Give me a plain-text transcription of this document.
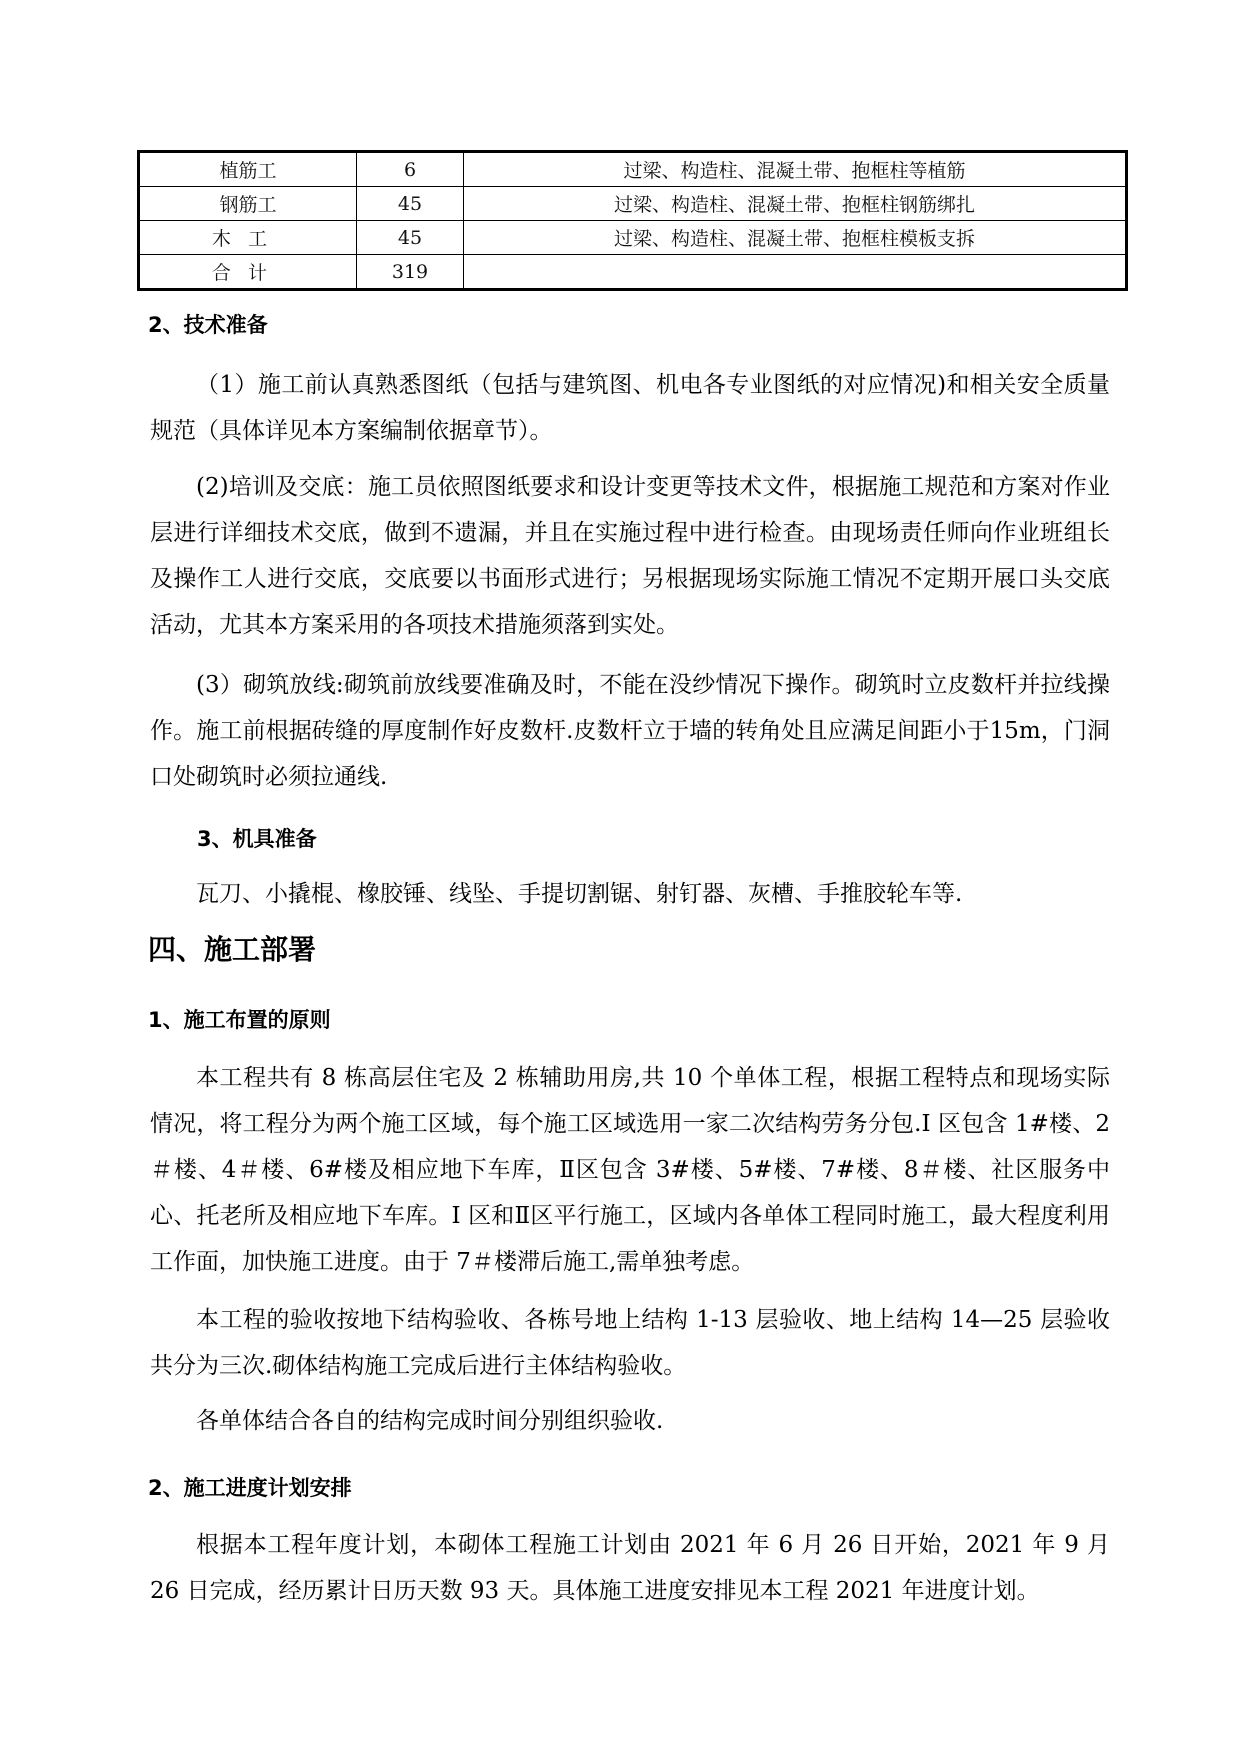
植筋工	6	过梁、构造柱、混凝土带、抱框柱等植筋
钢筋工	45	过梁、构造柱、混凝土带、抱框柱钢筋绑扎
木工	45	过梁、构造柱、混凝土带、抱框柱模板支拆
合计	319	
2、技术准备
（1）施工前认真熟悉图纸（包括与建筑图、机电各专业图纸的对应情况)和相关安全质量规范（具体详见本方案编制依据章节）。
(2)培训及交底：施工员依照图纸要求和设计变更等技术文件，根据施工规范和方案对作业层进行详细技术交底，做到不遗漏，并且在实施过程中进行检查。由现场责任师向作业班组长及操作工人进行交底，交底要以书面形式进行；另根据现场实际施工情况不定期开展口头交底活动，尤其本方案采用的各项技术措施须落到实处。
(3）砌筑放线:砌筑前放线要准确及时，不能在没纱情况下操作。砌筑时立皮数杆并拉线操作。施工前根据砖缝的厚度制作好皮数杆.皮数杆立于墙的转角处且应满足间距小于15m，门洞口处砌筑时必须拉通线.
3、机具准备
瓦刀、小撬棍、橡胶锤、线坠、手提切割锯、射钉器、灰槽、手推胶轮车等.
四、施工部署
1、施工布置的原则
本工程共有 8 栋高层住宅及 2 栋辅助用房,共 10 个单体工程，根据工程特点和现场实际情况，将工程分为两个施工区域，每个施工区域选用一家二次结构劳务分包.I 区包含 1#楼、2＃楼、4＃楼、6#楼及相应地下车库，Ⅱ区包含 3#楼、5#楼、7#楼、8＃楼、社区服务中心、托老所及相应地下车库。I 区和Ⅱ区平行施工，区域内各单体工程同时施工，最大程度利用工作面，加快施工进度。由于 7＃楼滞后施工,需单独考虑。
本工程的验收按地下结构验收、各栋号地上结构 1-13 层验收、地上结构 14—25 层验收共分为三次.砌体结构施工完成后进行主体结构验收。
各单体结合各自的结构完成时间分别组织验收.
2、施工进度计划安排
根据本工程年度计划，本砌体工程施工计划由 2021 年 6 月 26 日开始，2021 年 9 月 26 日完成，经历累计日历天数 93 天。具体施工进度安排见本工程 2021 年进度计划。
